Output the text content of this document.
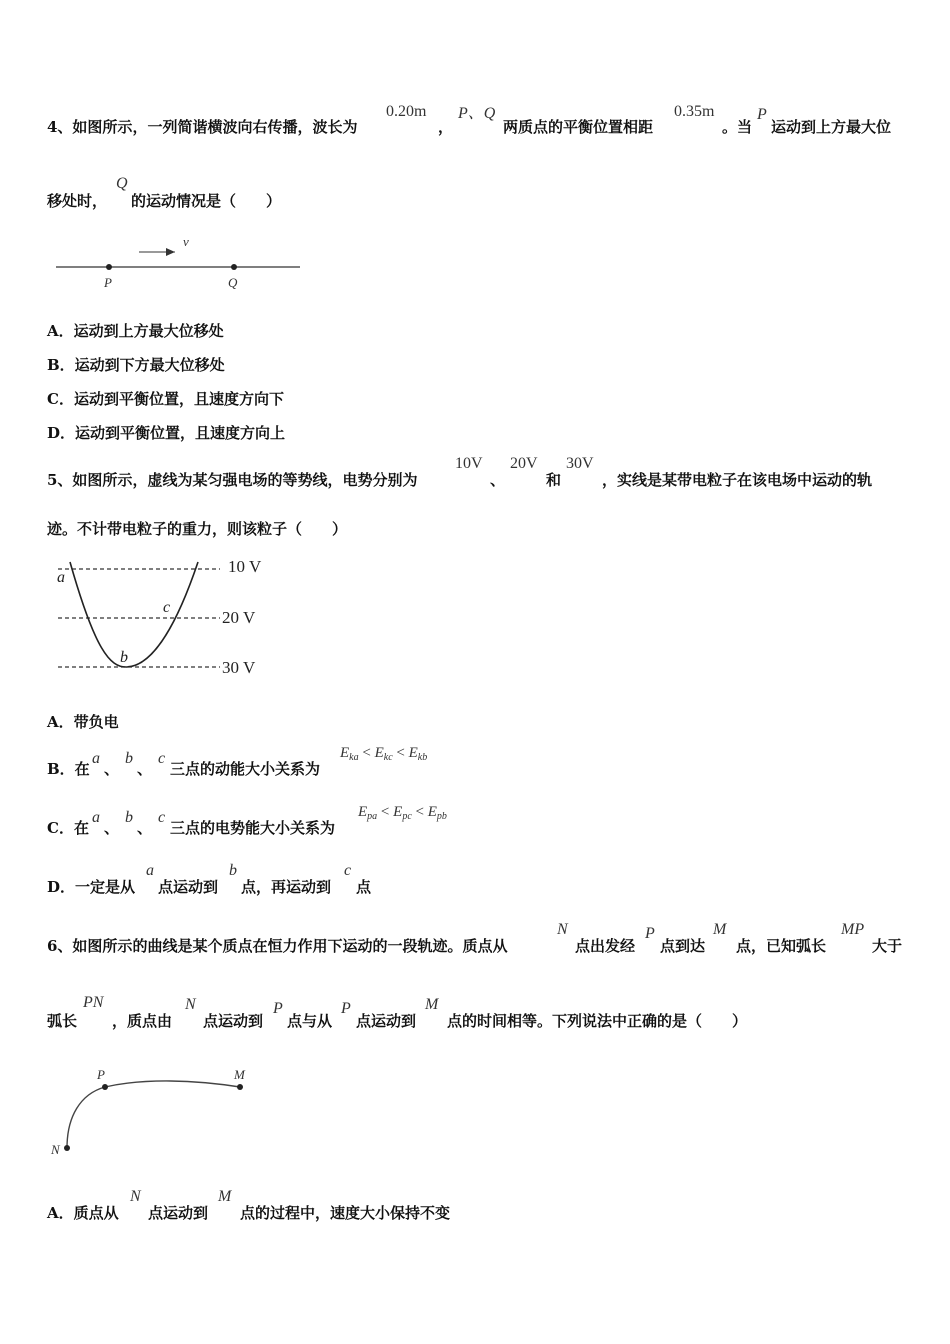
4、如图所示，一列简谐横波向右传播，波长为
0.20m
，
P、Q
两质点的平衡位置相距
0.35m
。当
P
运动到上方最大位
移处时，
Q
的运动情况是（　　）
v
P	Q
A．运动到上方最大位移处
B．运动到下方最大位移处
C．运动到平衡位置，且速度方向下
D．运动到平衡位置，且速度方向上
5、如图所示，虚线为某匀强电场的等势线，电势分别为
10V
、
20V
和
30V
，实线是某带电粒子在该电场中运动的轨
迹。不计带电粒子的重力，则该粒子（　　）
10 V
20 V
30 V
a
b
c
A．带负电
B．在
a
、
b
、
c
三点的动能大小关系为
$E_{ka} < E_{kc} < E_{kb}$
C．在
a
、
b
、
c
三点的电势能大小关系为
$E_{pa} < E_{pc} < E_{pb}$
D．一定是从
a
点运动到
b
点，再运动到
c
点
6、如图所示的曲线是某个质点在恒力作用下运动的一段轨迹。质点从
N
点出发经
P
点到达
M
点，已知弧长
MP
大于
弧长
PN
，质点由
N
点运动到
P
点与从
P
点运动到
M
点的时间相等。下列说法中正确的是（　　）
P	M
N
A．质点从
N
点运动到
M
点的过程中，速度大小保持不变
